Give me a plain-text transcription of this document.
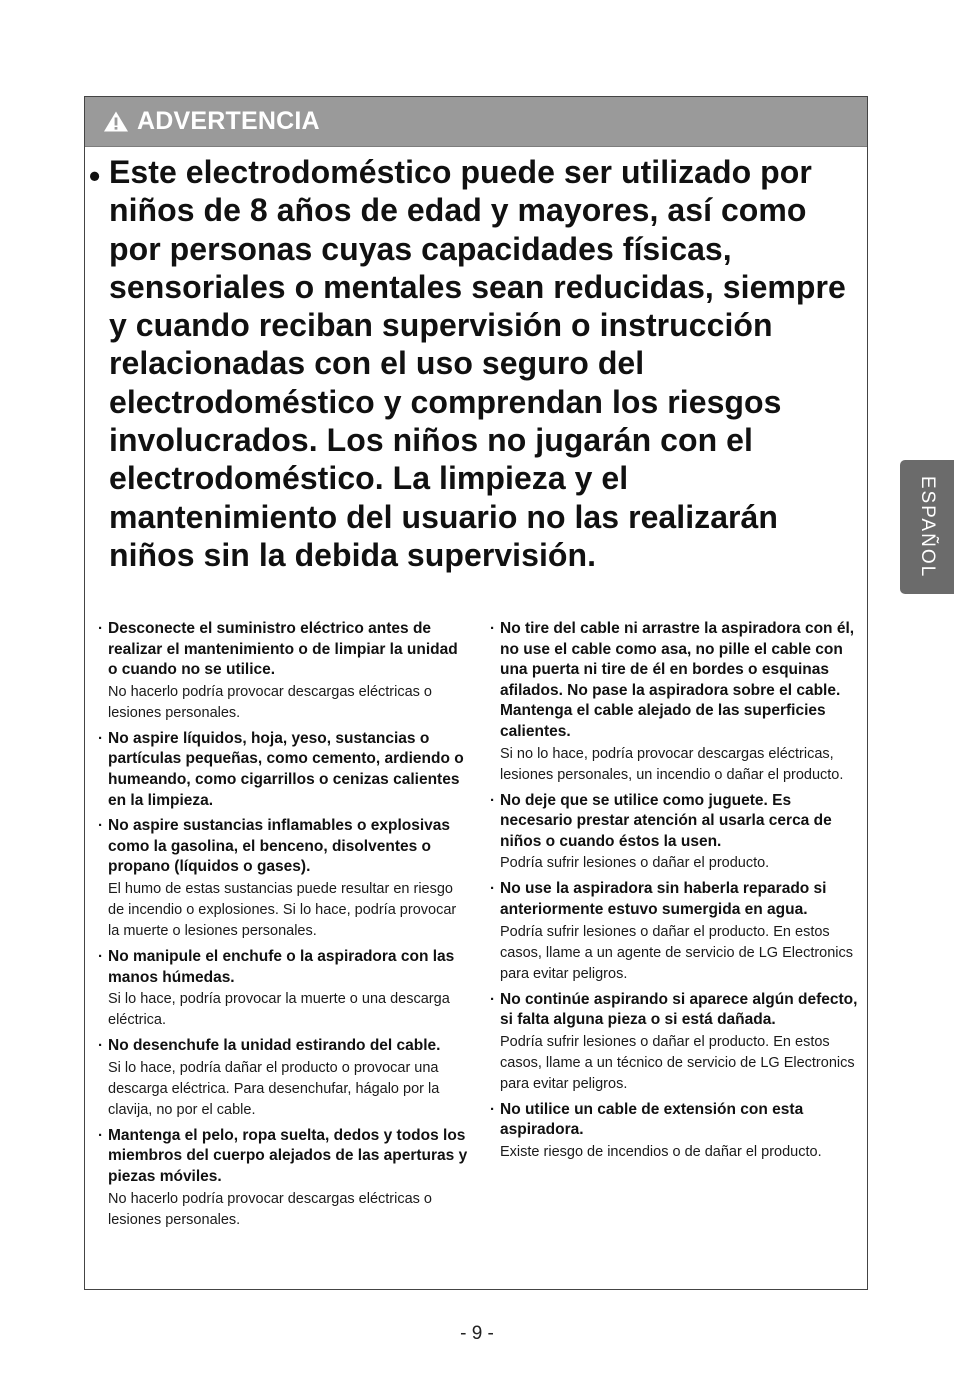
ADVERTENCIA
• Este electrodoméstico puede ser utilizado por niños de 8 años de edad y mayores, así como por personas cuyas capacidades físicas, sensoriales o mentales sean reducidas, siempre y cuando reciban supervisión o instrucción relacionadas con el uso seguro del electrodoméstico y comprendan los riesgos involucrados. Los niños no jugarán con el electrodoméstico. La limpieza y el mantenimiento del usuario no las realizarán niños sin la debida supervisión.
· Desconecte el suministro eléctrico antes de realizar el mantenimiento o de limpiar la unidad o cuando no se utilice.
No hacerlo podría provocar descargas eléctricas o lesiones personales.
· No aspire líquidos, hoja, yeso, sustancias o partículas pequeñas, como cemento, ardiendo o humeando, como cigarrillos o cenizas calientes en la limpieza.
· No aspire sustancias inflamables o explosivas como la gasolina, el benceno, disolventes o propano (líquidos o gases).
El humo de estas sustancias puede resultar en riesgo de incendio o explosiones. Si lo hace, podría provocar la muerte o lesiones personales.
· No manipule el enchufe o la aspiradora con las manos húmedas.
Si lo hace, podría provocar la muerte o una descarga eléctrica.
· No desenchufe la unidad estirando del cable.
Si lo hace, podría dañar el producto o provocar una descarga eléctrica. Para desenchufar, hágalo por la clavija, no por el cable.
· Mantenga el pelo, ropa suelta, dedos y todos los miembros del cuerpo alejados de las aperturas y piezas móviles.
No hacerlo podría provocar descargas eléctricas o lesiones personales.
· No tire del cable ni arrastre la aspiradora con él, no use el cable como asa, no pille el cable con una puerta ni tire de él en bordes o esquinas afilados. No pase la aspiradora sobre el cable. Mantenga el cable alejado de las superficies calientes.
Si no lo hace, podría provocar descargas eléctricas, lesiones personales, un incendio o dañar el producto.
· No deje que se utilice como juguete. Es necesario prestar atención al usarla cerca de niños o cuando éstos la usen.
Podría sufrir lesiones o dañar el producto.
· No use la aspiradora sin haberla reparado si anteriormente estuvo sumergida en agua.
Podría sufrir lesiones o dañar el producto. En estos casos, llame a un agente de servicio de LG Electronics para evitar peligros.
· No continúe aspirando si aparece algún defecto, si falta alguna pieza o si está dañada.
Podría sufrir lesiones o dañar el producto. En estos casos, llame a un técnico de servicio de LG Electronics para evitar peligros.
· No utilice un cable de extensión con esta aspiradora.
Existe riesgo de incendios o de dañar el producto.
ESPAÑOL
- 9 -
